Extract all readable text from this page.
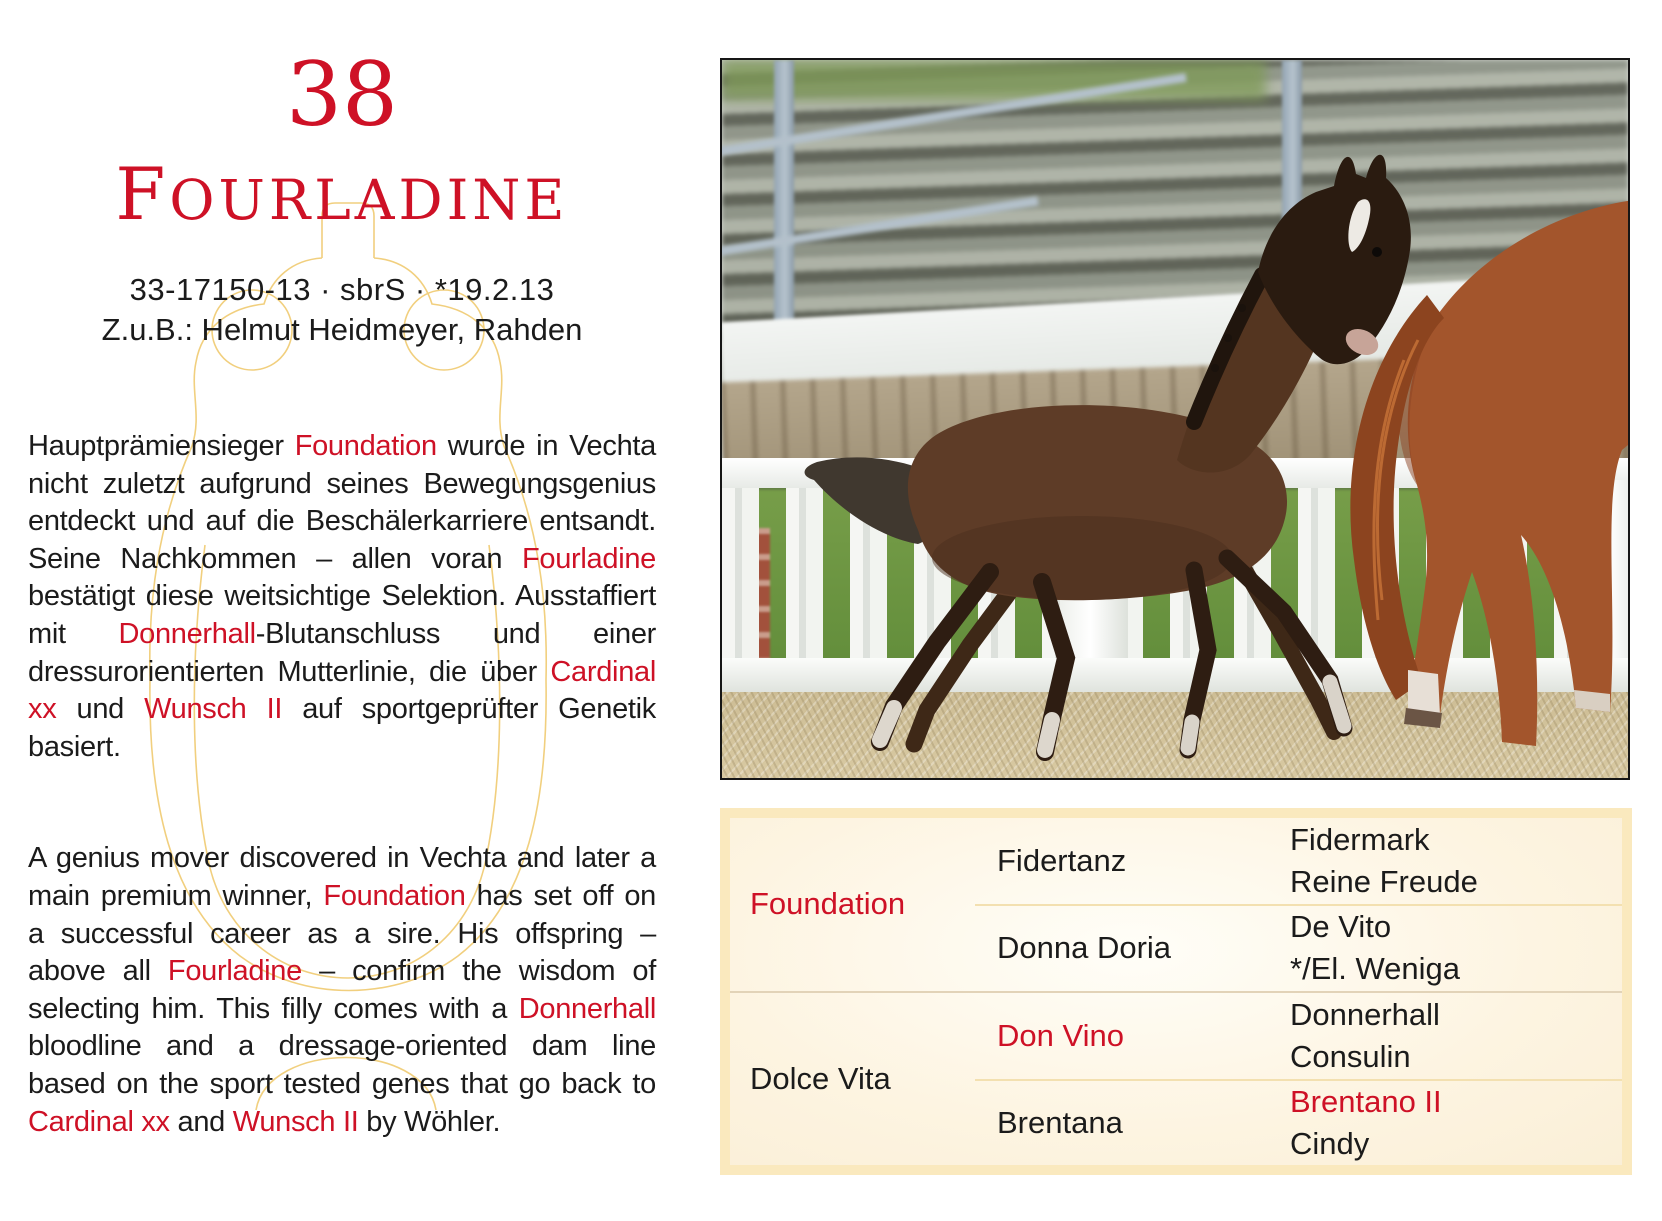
38
FOURLADINE
33-17150-13 · sbrS · *19.2.13
Z.u.B.: Helmut Heidmeyer, Rahden

Hauptprämiensieger Foundation wurde in Vechta nicht zuletzt aufgrund seines Bewegungsgenius entdeckt und auf die Beschälerkarriere entsandt. Seine Nachkommen – allen voran Fourladine bestätigt diese weitsichtige Selektion. Ausstaffiert mit Donnerhall-Blutanschluss und einer dressurorientierten Mutterlinie, die über Cardinal xx und Wunsch II auf sportgeprüfter Genetik basiert.

A genius mover discovered in Vechta and later a main premium winner, Foundation has set off on a successful career as a sire. His offspring – above all Fourladine – confirm the wisdom of selecting him. This filly comes with a Donnerhall bloodline and a dressage-oriented dam line based on the sport tested genes that go back to Cardinal xx and Wunsch II by Wöhler.

Foundation
Fidertanz
Fidermark
Reine Freude
Donna Doria
De Vito
*/El. Weniga
Dolce Vita
Don Vino
Donnerhall
Consulin
Brentana
Brentano II
Cindy
